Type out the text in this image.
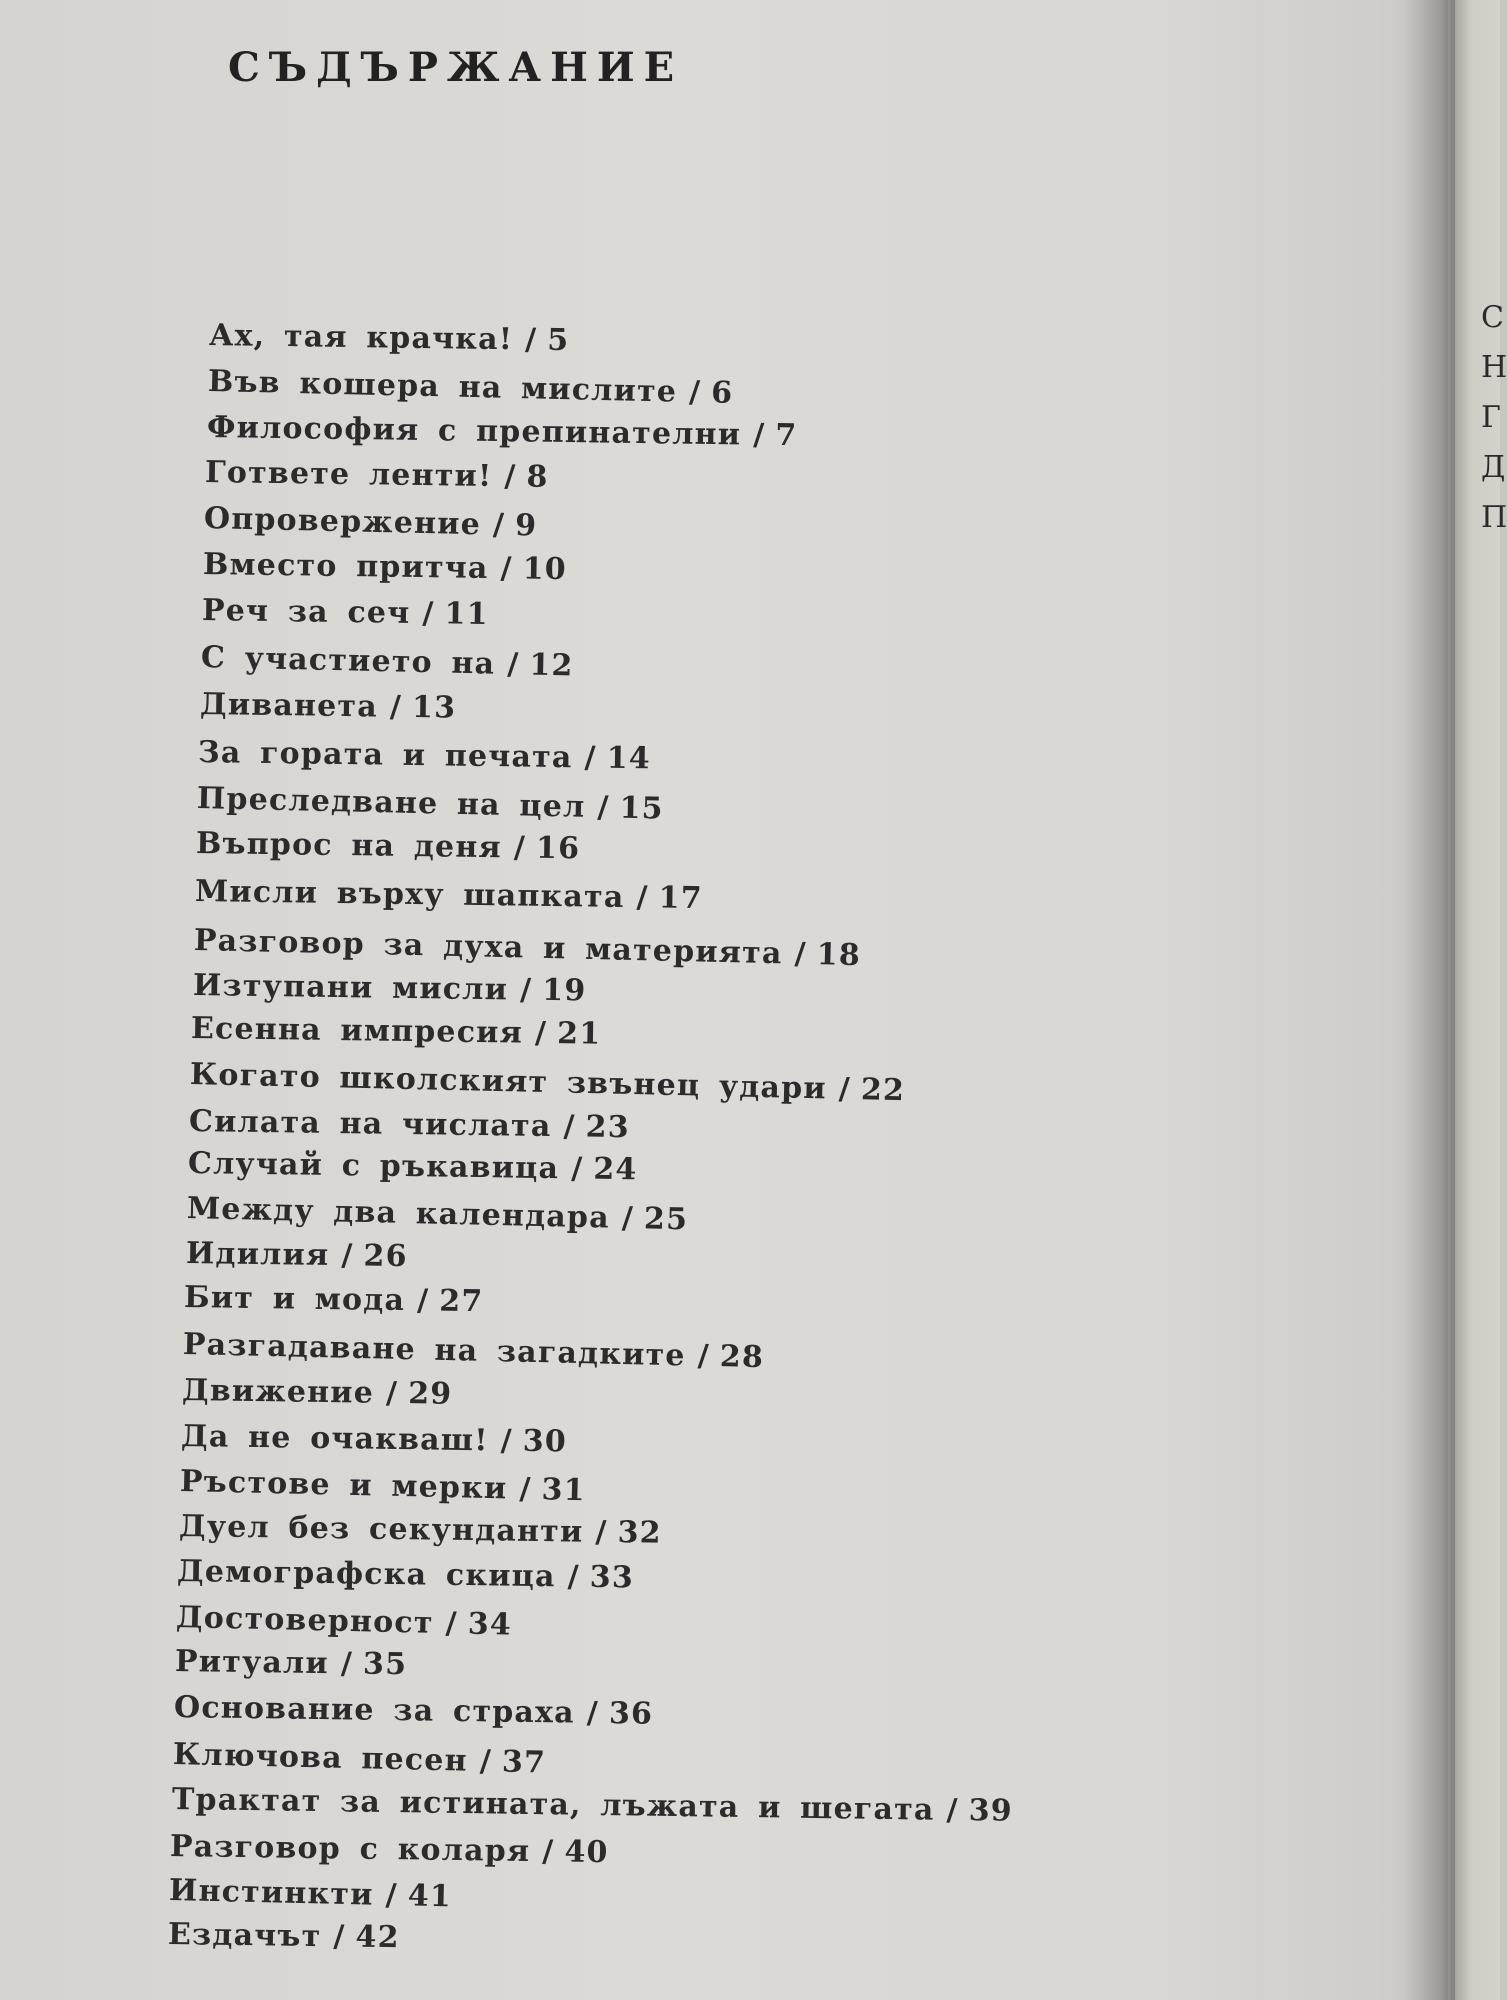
СЪДЪРЖАНИЕ
Ах, тая крачка! / 5
Във кошера на мислите / 6
Философия с препинателни / 7
Гответе ленти! / 8
Опровержение / 9
Вместо притча / 10
Реч за сеч / 11
С участието на / 12
Диванета / 13
За гората и печата / 14
Преследване на цел / 15
Въпрос на деня / 16
Мисли върху шапката / 17
Разговор за духа и материята / 18
Изтупани мисли / 19
Есенна импресия / 21
Когато школският звънец удари / 22
Силата на числата / 23
Случай с ръкавица / 24
Между два календара / 25
Идилия / 26
Бит и мода / 27
Разгадаване на загадките / 28
Движение / 29
Да не очакваш! / 30
Ръстове и мерки / 31
Дуел без секунданти / 32
Демографска скица / 33
Достоверност / 34
Ритуали / 35
Основание за страха / 36
Ключова песен / 37
Трактат за истината, лъжата и шегата / 39
Разговор с коларя / 40
Инстинкти / 41
Ездачът / 42
С
Н
Г
Д
П
